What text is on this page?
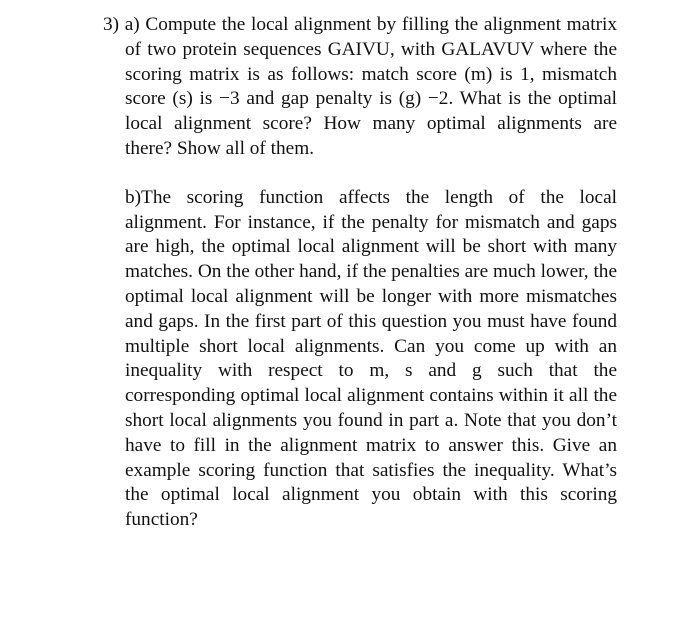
3) a) Compute the local alignment by filling the alignment matrix of two protein sequences GAIVU, with GALAVUV where the scoring matrix is as follows: match score (m) is 1, mismatch score (s) is −3 and gap penalty is (g) −2. What is the optimal local alignment score? How many optimal alignments are there? Show all of them.

b)The scoring function affects the length of the local alignment. For instance, if the penalty for mismatch and gaps are high, the optimal local alignment will be short with many matches. On the other hand, if the penalties are much lower, the optimal local alignment will be longer with more mismatches and gaps. In the first part of this question you must have found multiple short local alignments. Can you come up with an inequality with respect to m, s and g such that the corresponding optimal local alignment contains within it all the short local alignments you found in part a. Note that you don’t have to fill in the alignment matrix to answer this. Give an example scoring function that satisfies the inequality. What’s the optimal local alignment you obtain with this scoring function?
